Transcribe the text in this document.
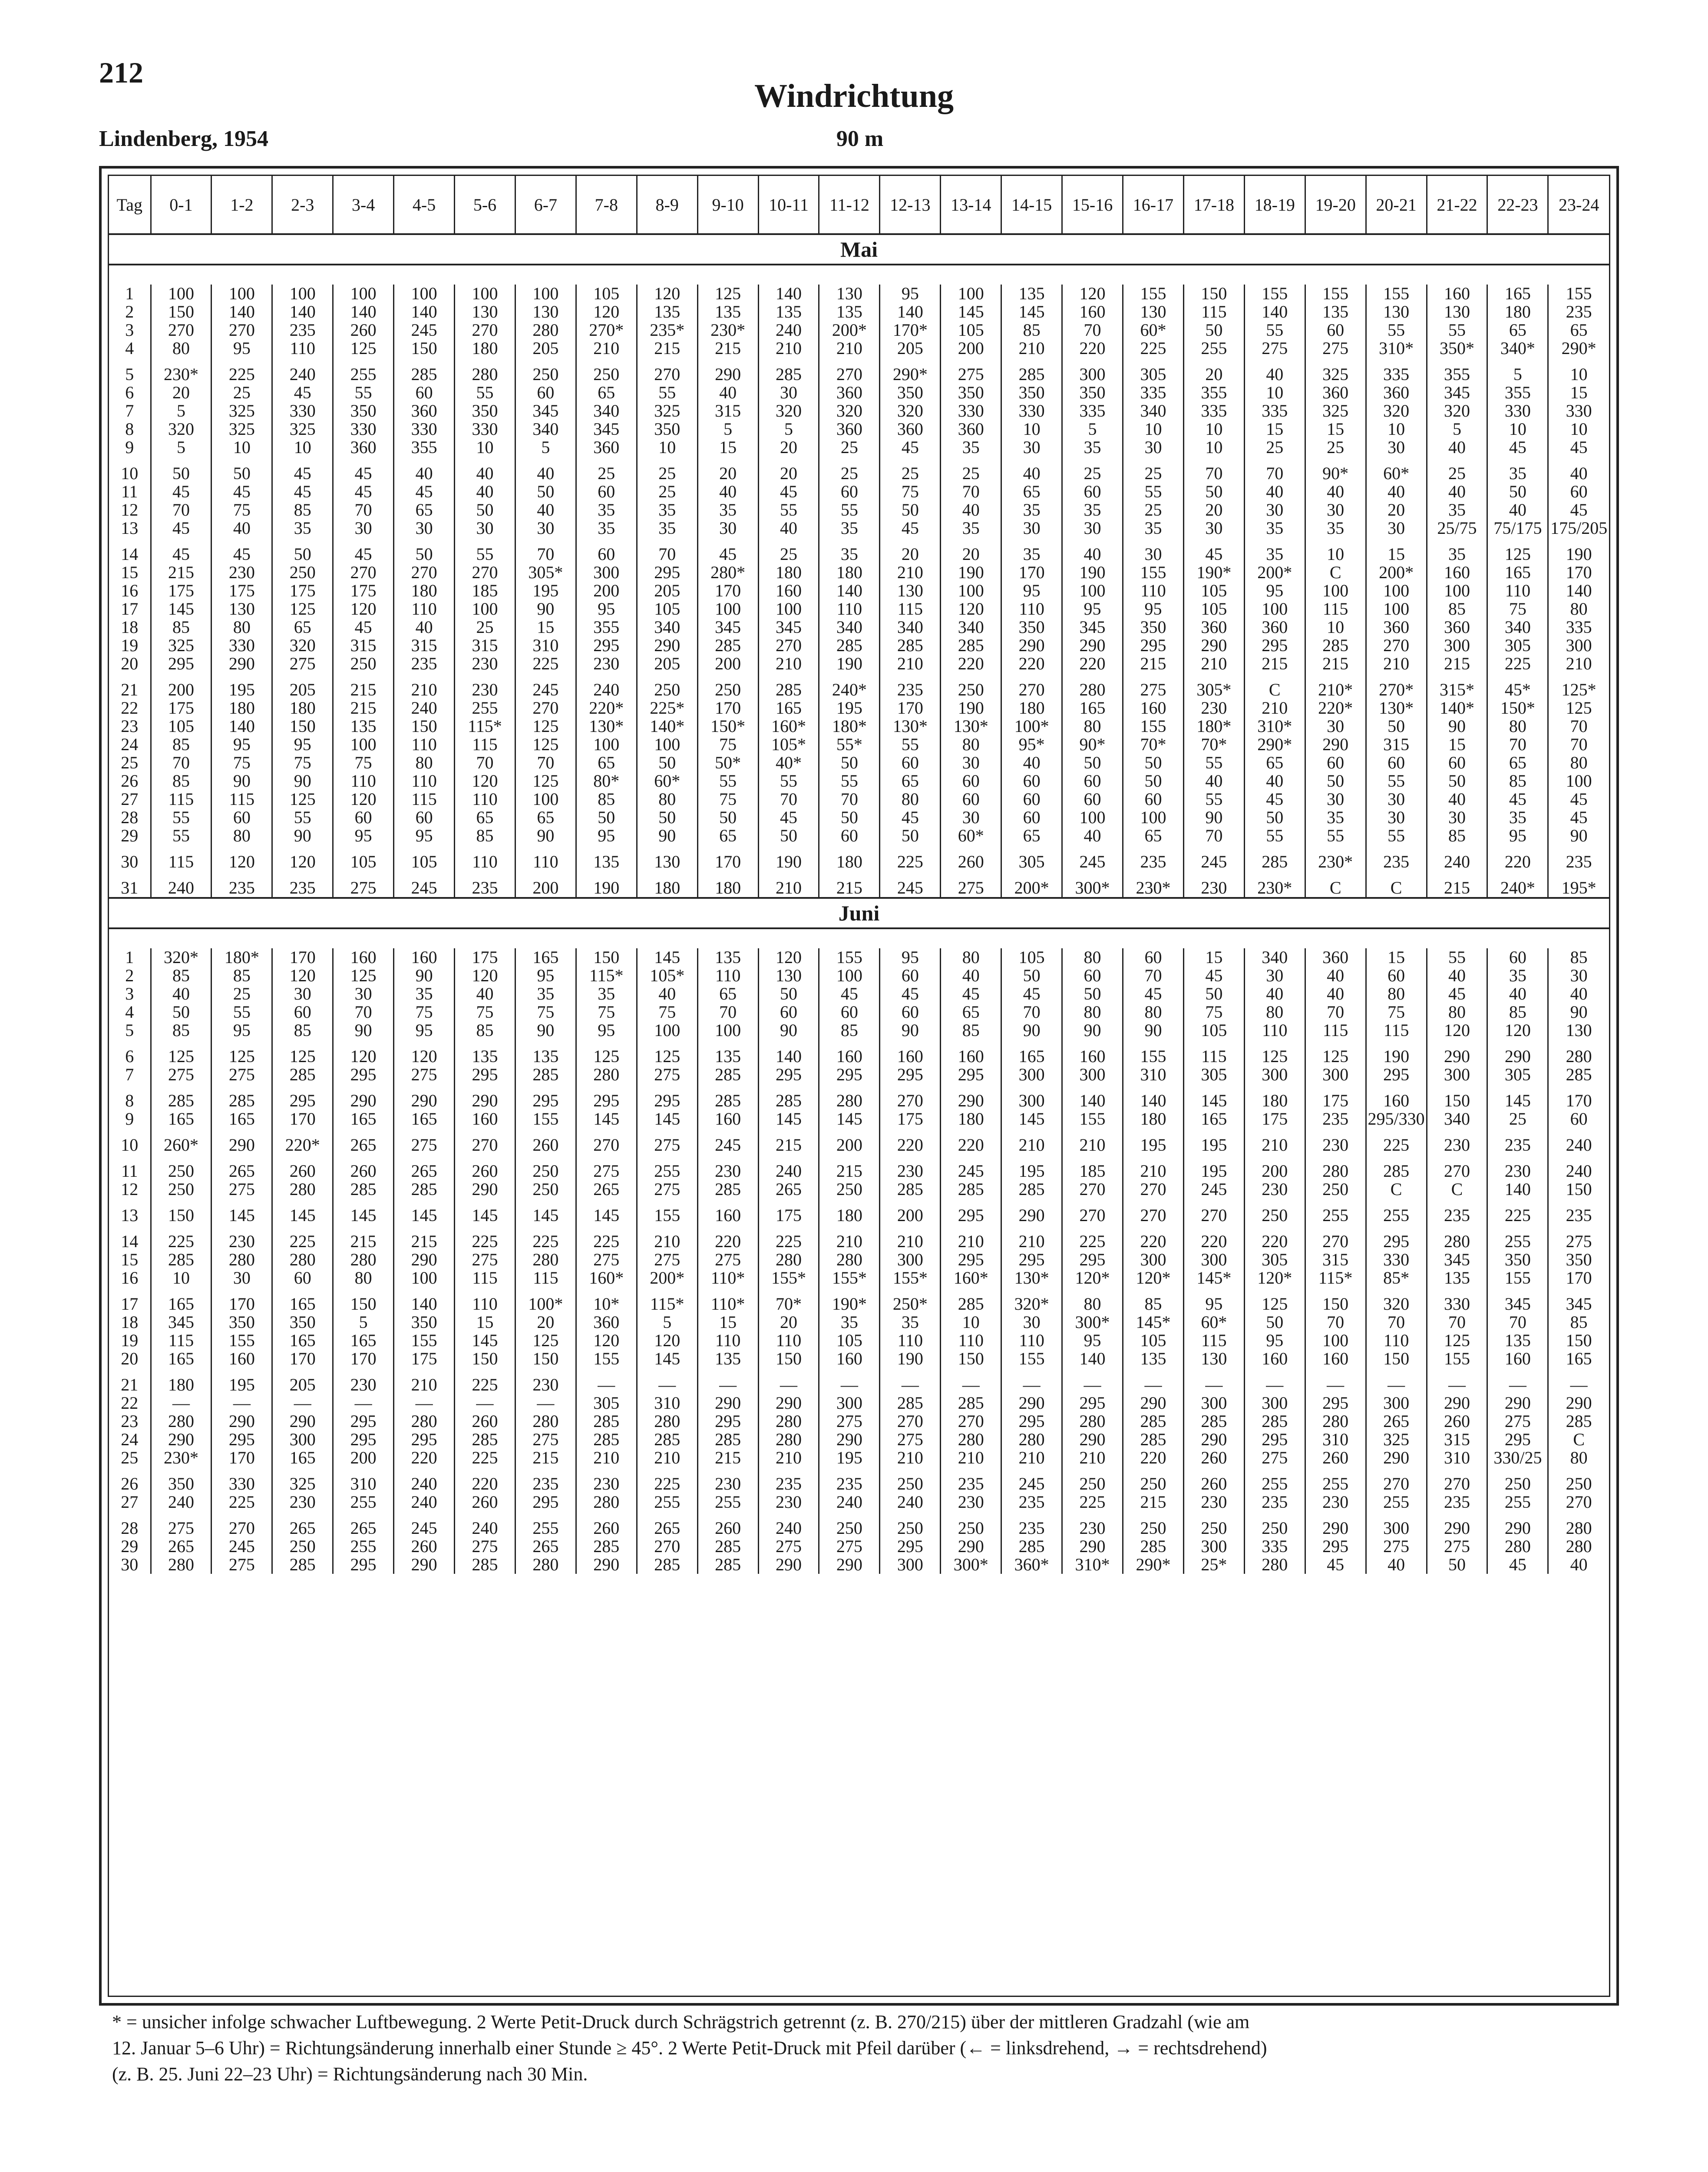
212
Windrichtung
Lindenberg, 1954	90 m
Tag	0-1	1-2	2-3	3-4	4-5	5-6	6-7	7-8	8-9	9-10	10-11	11-12	12-13	13-14	14-15	15-16	16-17	17-18	18-19	19-20	20-21	21-22	22-23	23-24
Mai																								

1	100	100	100	100	100	100	100	105	120	125	140	130	95	100	135	120	155	150	155	155	155	160	165	155
2	150	140	140	140	140	130	130	120	135	135	135	135	140	145	145	160	130	115	140	135	130	130	180	235
3	270	270	235	260	245	270	280	270*	235*	230*	240	200*	170*	105	85	70	60*	50	55	60	55	55	65	65
4	80	95	110	125	150	180	205	210	215	215	210	210	205	200	210	220	225	255	275	275	310*	350*	340*	290*

5	230*	225	240	255	285	280	250	250	270	290	285	270	290*	275	285	300	305	20	40	325	335	355	5	10
6	20	25	45	55	60	55	60	65	55	40	30	360	350	350	350	350	335	355	10	360	360	345	355	15
7	5	325	330	350	360	350	345	340	325	315	320	320	320	330	330	335	340	335	335	325	320	320	330	330
8	320	325	325	330	330	330	340	345	350	5	5	360	360	360	10	5	10	10	15	15	10	5	10	10
9	5	10	10	360	355	10	5	360	10	15	20	25	45	35	30	35	30	10	25	25	30	40	45	45

10	50	50	45	45	40	40	40	25	25	20	20	25	25	25	40	25	25	70	70	90*	60*	25	35	40
11	45	45	45	45	45	40	50	60	25	40	45	60	75	70	65	60	55	50	40	40	40	40	50	60
12	70	75	85	70	65	50	40	35	35	35	55	55	50	40	35	35	25	20	30	30	20	35	40	45
13	45	40	35	30	30	30	30	35	35	30	40	35	45	35	30	30	35	30	35	35	30	25/75	75/175	175/205

14	45	45	50	45	50	55	70	60	70	45	25	35	20	20	35	40	30	45	35	10	15	35	125	190
15	215	230	250	270	270	270	305*	300	295	280*	180	180	210	190	170	190	155	190*	200*	C	200*	160	165	170
16	175	175	175	175	180	185	195	200	205	170	160	140	130	100	95	100	110	105	95	100	100	100	110	140
17	145	130	125	120	110	100	90	95	105	100	100	110	115	120	110	95	95	105	100	115	100	85	75	80
18	85	80	65	45	40	25	15	355	340	345	345	340	340	340	350	345	350	360	360	10	360	360	340	335
19	325	330	320	315	315	315	310	295	290	285	270	285	285	285	290	290	295	290	295	285	270	300	305	300
20	295	290	275	250	235	230	225	230	205	200	210	190	210	220	220	220	215	210	215	215	210	215	225	210

21	200	195	205	215	210	230	245	240	250	250	285	240*	235	250	270	280	275	305*	C	210*	270*	315*	45*	125*
22	175	180	180	215	240	255	270	220*	225*	170	165	195	170	190	180	165	160	230	210	220*	130*	140*	150*	125
23	105	140	150	135	150	115*	125	130*	140*	150*	160*	180*	130*	130*	100*	80	155	180*	310*	30	50	90	80	70
24	85	95	95	100	110	115	125	100	100	75	105*	55*	55	80	95*	90*	70*	70*	290*	290	315	15	70	70
25	70	75	75	75	80	70	70	65	50	50*	40*	50	60	30	40	50	50	55	65	60	60	60	65	80
26	85	90	90	110	110	120	125	80*	60*	55	55	55	65	60	60	60	50	40	40	50	55	50	85	100
27	115	115	125	120	115	110	100	85	80	75	70	70	80	60	60	60	60	55	45	30	30	40	45	45
28	55	60	55	60	60	65	65	50	50	50	45	50	45	30	60	100	100	90	50	35	30	30	35	45
29	55	80	90	95	95	85	90	95	90	65	50	60	50	60*	65	40	65	70	55	55	55	85	95	90

30	115	120	120	105	105	110	110	135	130	170	190	180	225	260	305	245	235	245	285	230*	235	240	220	235

31	240	235	235	275	245	235	200	190	180	180	210	215	245	275	200*	300*	230*	230	230*	C	C	215	240*	195*
Juni																								

1	320*	180*	170	160	160	175	165	150	145	135	120	155	95	80	105	80	60	15	340	360	15	55	60	85
2	85	85	120	125	90	120	95	115*	105*	110	130	100	60	40	50	60	70	45	30	40	60	40	35	30
3	40	25	30	30	35	40	35	35	40	65	50	45	45	45	45	50	45	50	40	40	80	45	40	40
4	50	55	60	70	75	75	75	75	75	70	60	60	60	65	70	80	80	75	80	70	75	80	85	90
5	85	95	85	90	95	85	90	95	100	100	90	85	90	85	90	90	90	105	110	115	115	120	120	130

6	125	125	125	120	120	135	135	125	125	135	140	160	160	160	165	160	155	115	125	125	190	290	290	280
7	275	275	285	295	275	295	285	280	275	285	295	295	295	295	300	300	310	305	300	300	295	300	305	285

8	285	285	295	290	290	290	295	295	295	285	285	280	270	290	300	140	140	145	180	175	160	150	145	170
9	165	165	170	165	165	160	155	145	145	160	145	145	175	180	145	155	180	165	175	235	295/330	340	25	60

10	260*	290	220*	265	275	270	260	270	275	245	215	200	220	220	210	210	195	195	210	230	225	230	235	240

11	250	265	260	260	265	260	250	275	255	230	240	215	230	245	195	185	210	195	200	280	285	270	230	240
12	250	275	280	285	285	290	250	265	275	285	265	250	285	285	285	270	270	245	230	250	C	C	140	150

13	150	145	145	145	145	145	145	145	155	160	175	180	200	295	290	270	270	270	250	255	255	235	225	235

14	225	230	225	215	215	225	225	225	210	220	225	210	210	210	210	225	220	220	220	270	295	280	255	275
15	285	280	280	280	290	275	280	275	275	275	280	280	300	295	295	295	300	300	305	315	330	345	350	350
16	10	30	60	80	100	115	115	160*	200*	110*	155*	155*	155*	160*	130*	120*	120*	145*	120*	115*	85*	135	155	170

17	165	170	165	150	140	110	100*	10*	115*	110*	70*	190*	250*	285	320*	80	85	95	125	150	320	330	345	345
18	345	350	350	5	350	15	20	360	5	15	20	35	35	10	30	300*	145*	60*	50	70	70	70	70	85
19	115	155	165	165	155	145	125	120	120	110	110	105	110	110	110	95	105	115	95	100	110	125	135	150
20	165	160	170	170	175	150	150	155	145	135	150	160	190	150	155	140	135	130	160	160	150	155	160	165

21	180	195	205	230	210	225	230	—	—	—	—	—	—	—	—	—	—	—	—	—	—	—	—	—
22	—	—	—	—	—	—	—	305	310	290	290	300	285	285	290	295	290	300	300	295	300	290	290	290
23	280	290	290	295	280	260	280	285	280	295	280	275	270	270	295	280	285	285	285	280	265	260	275	285
24	290	295	300	295	295	285	275	285	285	285	280	290	275	280	280	290	285	290	295	310	325	315	295	C
25	230*	170	165	200	220	225	215	210	210	215	210	195	210	210	210	210	220	260	275	260	290	310	330/25	80

26	350	330	325	310	240	220	235	230	225	230	235	235	250	235	245	250	250	260	255	255	270	270	250	250
27	240	225	230	255	240	260	295	280	255	255	230	240	240	230	235	225	215	230	235	230	255	235	255	270

28	275	270	265	265	245	240	255	260	265	260	240	250	250	250	235	230	250	250	250	290	300	290	290	280
29	265	245	250	255	260	275	265	285	270	285	275	275	295	290	285	290	285	300	335	295	275	275	280	280
30	280	275	285	295	290	285	280	290	285	285	290	290	300	300*	360*	310*	290*	25*	280	45	40	50	45	40
* = unsicher infolge schwacher Luftbewegung. 2 Werte Petit-Druck durch Schrägstrich getrennt (z. B. 270/215) über der mittleren Gradzahl (wie am
12. Januar 5–6 Uhr) = Richtungsänderung innerhalb einer Stunde ≥ 45°. 2 Werte Petit-Druck mit Pfeil darüber (← = linksdrehend, → = rechtsdrehend)
(z. B. 25. Juni 22–23 Uhr) = Richtungsänderung nach 30 Min.
